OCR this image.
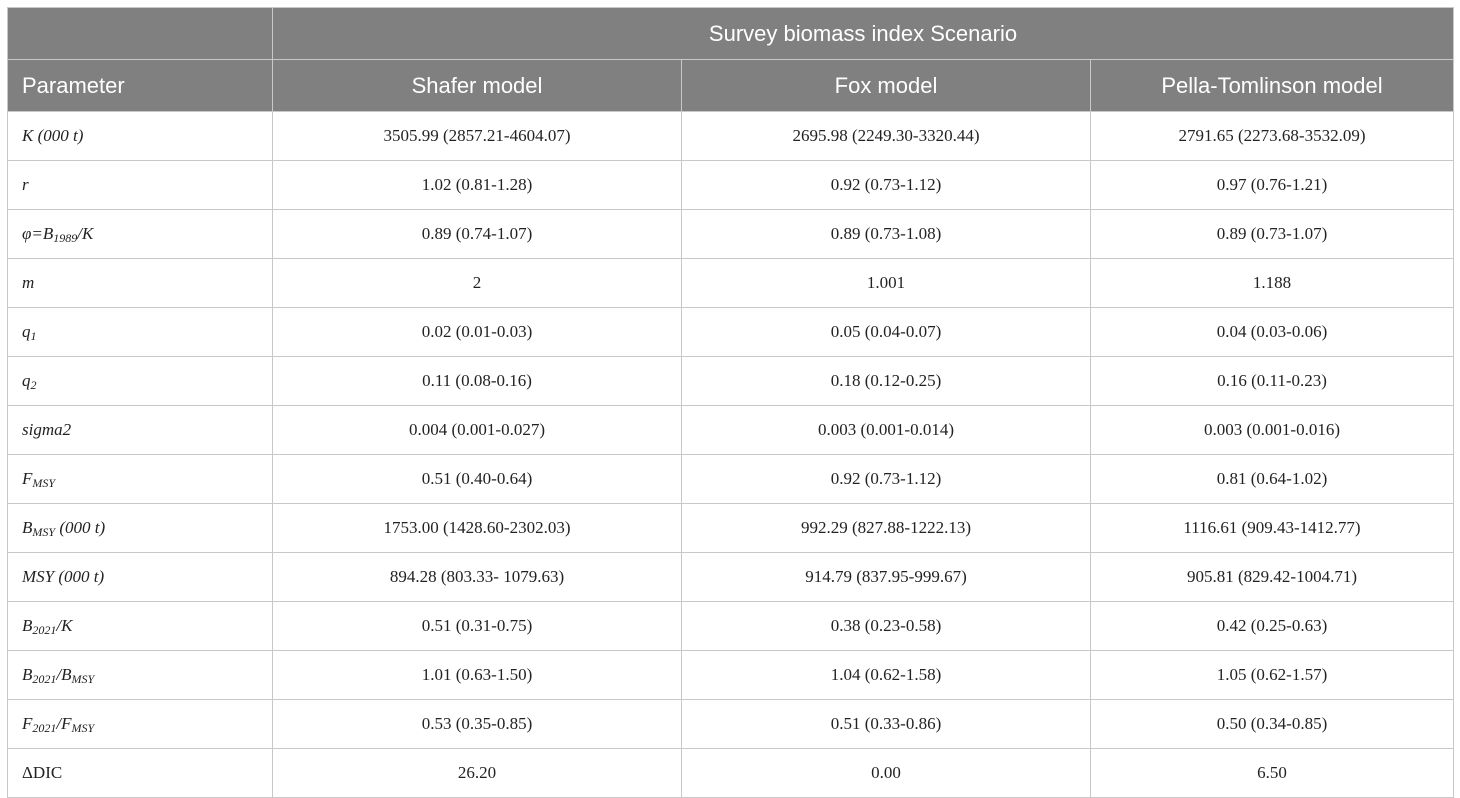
	Survey biomass index Scenario		
Parameter	Shafer model	Fox model	Pella-Tomlinson model
K (000 t)	3505.99 (2857.21-4604.07)	2695.98 (2249.30-3320.44)	2791.65 (2273.68-3532.09)
r	1.02 (0.81-1.28)	0.92 (0.73-1.12)	0.97 (0.76-1.21)
$\varphi=B_{1989}/K$	0.89 (0.74-1.07)	0.89 (0.73-1.08)	0.89 (0.73-1.07)
m	2	1.001	1.188
$q_1$	0.02 (0.01-0.03)	0.05 (0.04-0.07)	0.04 (0.03-0.06)
$q_2$	0.11 (0.08-0.16)	0.18 (0.12-0.25)	0.16 (0.11-0.23)
sigma2	0.004 (0.001-0.027)	0.003 (0.001-0.014)	0.003 (0.001-0.016)
$F_{MSY}$	0.51 (0.40-0.64)	0.92 (0.73-1.12)	0.81 (0.64-1.02)
$B_{MSY}$ (000 t)	1753.00 (1428.60-2302.03)	992.29 (827.88-1222.13)	1116.61 (909.43-1412.77)
MSY (000 t)	894.28 (803.33- 1079.63)	914.79 (837.95-999.67)	905.81 (829.42-1004.71)
$B_{2021}/K$	0.51 (0.31-0.75)	0.38 (0.23-0.58)	0.42 (0.25-0.63)
$B_{2021}/B_{MSY}$	1.01 (0.63-1.50)	1.04 (0.62-1.58)	1.05 (0.62-1.57)
$F_{2021}/F_{MSY}$	0.53 (0.35-0.85)	0.51 (0.33-0.86)	0.50 (0.34-0.85)
ΔDIC	26.20	0.00	6.50
